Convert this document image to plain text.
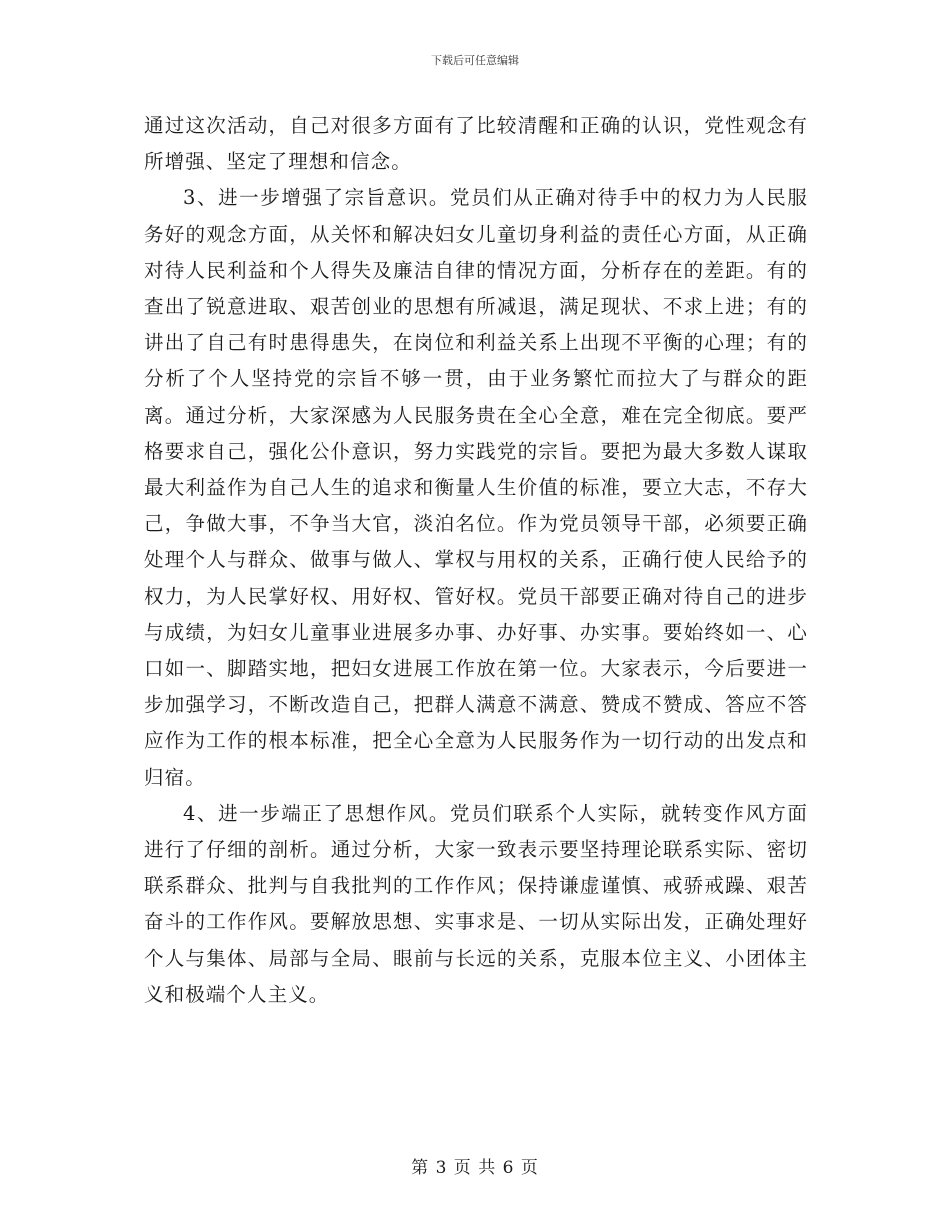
下载后可任意编辑

通过这次活动，自己对很多方面有了比较清醒和正确的认识，党性观念有所增强、坚定了理想和信念。

3、进一步增强了宗旨意识。党员们从正确对待手中的权力为人民服务好的观念方面，从关怀和解决妇女儿童切身利益的责任心方面，从正确对待人民利益和个人得失及廉洁自律的情况方面，分析存在的差距。有的查出了锐意进取、艰苦创业的思想有所减退，满足现状、不求上进；有的讲出了自己有时患得患失，在岗位和利益关系上出现不平衡的心理；有的分析了个人坚持党的宗旨不够一贯，由于业务繁忙而拉大了与群众的距离。通过分析，大家深感为人民服务贵在全心全意，难在完全彻底。要严格要求自己，强化公仆意识，努力实践党的宗旨。要把为最大多数人谋取最大利益作为自己人生的追求和衡量人生价值的标准，要立大志，不存大己，争做大事，不争当大官，淡泊名位。作为党员领导干部，必须要正确处理个人与群众、做事与做人、掌权与用权的关系，正确行使人民给予的权力，为人民掌好权、用好权、管好权。党员干部要正确对待自己的进步与成绩，为妇女儿童事业进展多办事、办好事、办实事。要始终如一、心口如一、脚踏实地，把妇女进展工作放在第一位。大家表示，今后要进一步加强学习，不断改造自己，把群人满意不满意、赞成不赞成、答应不答应作为工作的根本标准，把全心全意为人民服务作为一切行动的出发点和归宿。

4、进一步端正了思想作风。党员们联系个人实际，就转变作风方面进行了仔细的剖析。通过分析，大家一致表示要坚持理论联系实际、密切联系群众、批判与自我批判的工作作风；保持谦虚谨慎、戒骄戒躁、艰苦奋斗的工作作风。要解放思想、实事求是、一切从实际出发，正确处理好个人与集体、局部与全局、眼前与长远的关系，克服本位主义、小团体主义和极端个人主义。

第 3 页 共 6 页
